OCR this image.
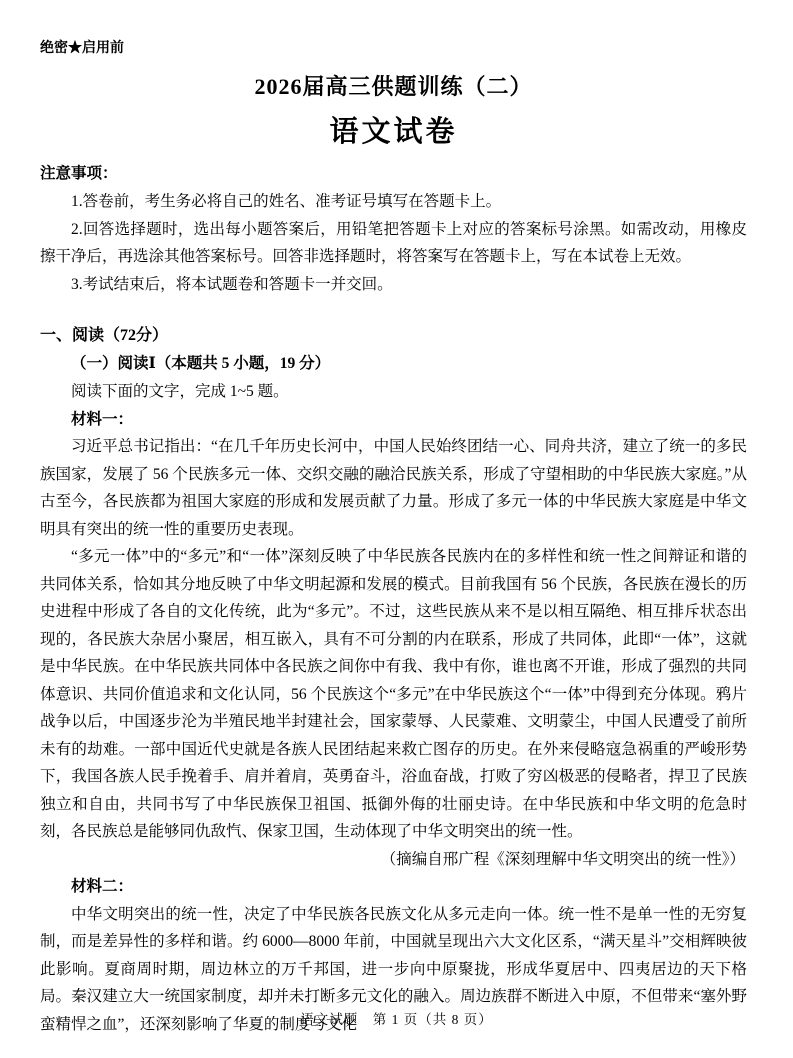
绝密★启用前
2026届高三供题训练（二）
语文试卷
注意事项：

1.答卷前，考生务必将自己的姓名、准考证号填写在答题卡上。

2.回答选择题时，选出每小题答案后，用铅笔把答题卡上对应的答案标号涂黑。如需改动，用橡皮擦干净后，再选涂其他答案标号。回答非选择题时，将答案写在答题卡上，写在本试卷上无效。

3.考试结束后，将本试题卷和答题卡一并交回。

一、阅读（72分）
（一）阅读Ⅰ（本题共 5 小题，19 分）

阅读下面的文字，完成 1~5 题。

材料一：

习近平总书记指出：“在几千年历史长河中，中国人民始终团结一心、同舟共济，建立了统一的多民族国家，发展了 56 个民族多元一体、交织交融的融洽民族关系，形成了守望相助的中华民族大家庭。”从古至今，各民族都为祖国大家庭的形成和发展贡献了力量。形成了多元一体的中华民族大家庭是中华文明具有突出的统一性的重要历史表现。

“多元一体”中的“多元”和“一体”深刻反映了中华民族各民族内在的多样性和统一性之间辩证和谐的共同体关系，恰如其分地反映了中华文明起源和发展的模式。目前我国有 56 个民族，各民族在漫长的历史进程中形成了各自的文化传统，此为“多元”。不过，这些民族从来不是以相互隔绝、相互排斥状态出现的，各民族大杂居小聚居，相互嵌入，具有不可分割的内在联系，形成了共同体，此即“一体”，这就是中华民族。在中华民族共同体中各民族之间你中有我、我中有你，谁也离不开谁，形成了强烈的共同体意识、共同价值追求和文化认同，56 个民族这个“多元”在中华民族这个“一体”中得到充分体现。鸦片战争以后，中国逐步沦为半殖民地半封建社会，国家蒙辱、人民蒙难、文明蒙尘，中国人民遭受了前所未有的劫难。一部中国近代史就是各族人民团结起来救亡图存的历史。在外来侵略寇急祸重的严峻形势下，我国各族人民手挽着手、肩并着肩，英勇奋斗，浴血奋战，打败了穷凶极恶的侵略者，捍卫了民族独立和自由，共同书写了中华民族保卫祖国、抵御外侮的壮丽史诗。在中华民族和中华文明的危急时刻，各民族总是能够同仇敌忾、保家卫国，生动体现了中华文明突出的统一性。

（摘编自邢广程《深刻理解中华文明突出的统一性》）

材料二：

中华文明突出的统一性，决定了中华民族各民族文化从多元走向一体。统一性不是单一性的无穷复制，而是差异性的多样和谐。约 6000—8000 年前，中国就呈现出六大文化区系，“满天星斗”交相辉映彼此影响。夏商周时期，周边林立的万千邦国，进一步向中原聚拢，形成华夏居中、四夷居边的天下格局。秦汉建立大一统国家制度，却并未打断多元文化的融入。周边族群不断进入中原，不但带来“塞外野蛮精悍之血”，还深刻影响了华夏的制度与文化

语文试题　第 1 页（共 8 页）
